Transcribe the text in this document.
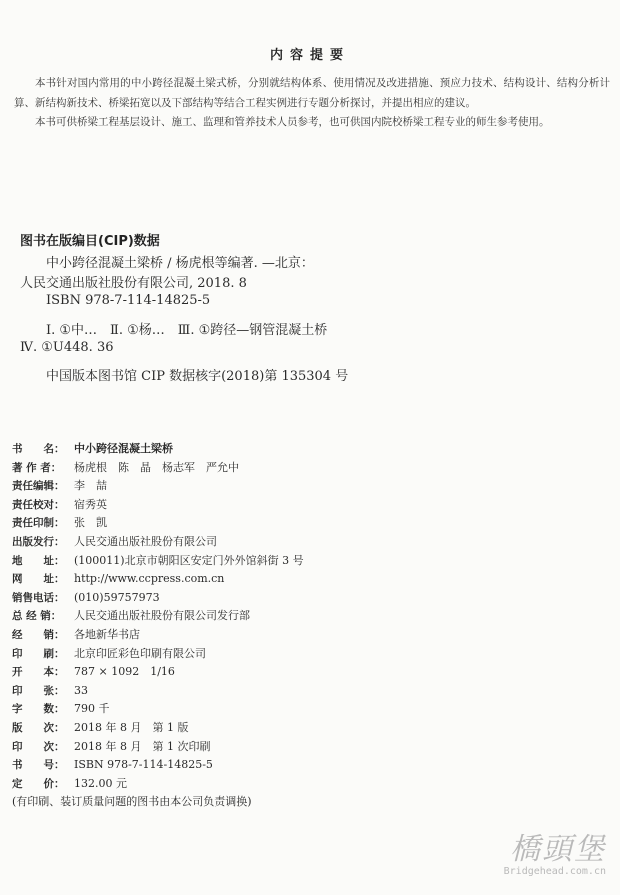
内容提要

本书针对国内常用的中小跨径混凝土梁式桥，分别就结构体系、使用情况及改进措施、预应力技术、结构设计、结构分析计算、新结构新技术、桥梁拓宽以及下部结构等结合工程实例进行专题分析探讨，并提出相应的建议。

本书可供桥梁工程基层设计、施工、监理和管养技术人员参考，也可供国内院校桥梁工程专业的师生参考使用。

图书在版编目(CIP)数据
中小跨径混凝土梁桥 / 杨虎根等编著. —北京：
人民交通出版社股份有限公司, 2018. 8
ISBN 978-7-114-14825-5
Ⅰ. ①中…　Ⅱ. ①杨…　Ⅲ. ①跨径—钢管混凝土桥
Ⅳ. ①U448. 36
中国版本图书馆 CIP 数据核字(2018)第 135304 号
书　　名： 中小跨径混凝土梁桥
著 作 者：	杨虎根　陈　晶　杨志军　严允中
责任编辑： 李　喆
责任校对： 宿秀英
责任印制： 张　凯
出版发行： 人民交通出版社股份有限公司
地　　址： (100011)北京市朝阳区安定门外外馆斜街 3 号
网　　址： http://www.ccpress.com.cn
销售电话： (010)59757973
总 经 销：	人民交通出版社股份有限公司发行部
经　　销： 各地新华书店
印　　刷： 北京印匠彩色印刷有限公司
开　　本： 787 × 1092　1/16
印　　张： 33
字　　数： 790 千
版　　次： 2018 年 8 月　第 1 版
印　　次： 2018 年 8 月　第 1 次印刷
书　　号： ISBN 978-7-114-14825-5
定　　价： 132.00 元
(有印刷、装订质量问题的图书由本公司负责调换)
橋頭堡
Bridgehead.com.cn
